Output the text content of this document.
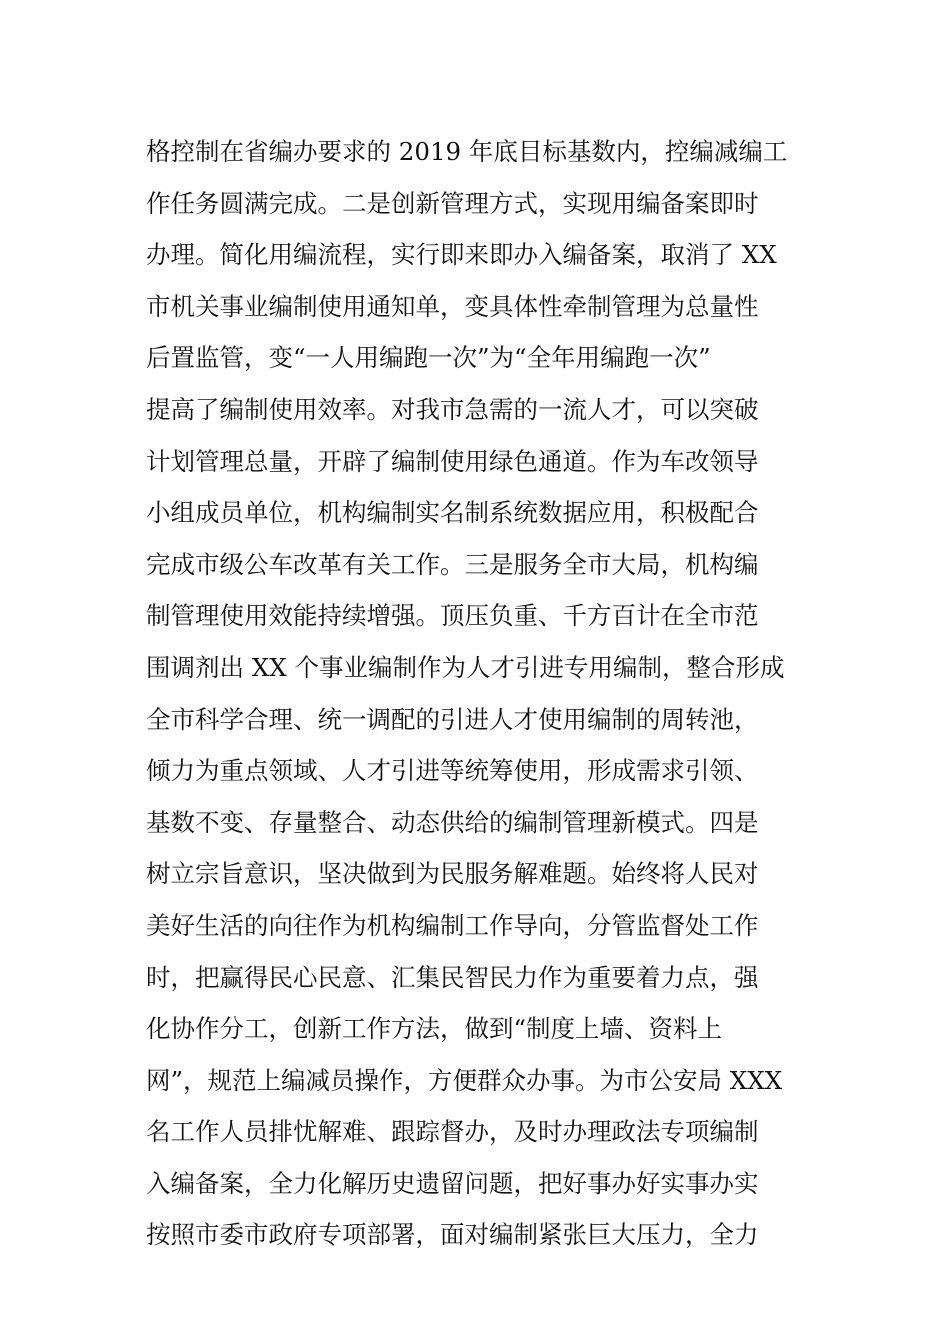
格控制在省编办要求的 2019 年底目标基数内，控编减编工
作任务圆满完成。二是创新管理方式，实现用编备案即时
办理。简化用编流程，实行即来即办入编备案，取消了 XX
市机关事业编制使用通知单，变具体性牵制管理为总量性
后置监管，变“一人用编跑一次”为“全年用编跑一次”
提高了编制使用效率。对我市急需的一流人才，可以突破
计划管理总量，开辟了编制使用绿色通道。作为车改领导
小组成员单位，机构编制实名制系统数据应用，积极配合
完成市级公车改革有关工作。三是服务全市大局，机构编
制管理使用效能持续增强。顶压负重、千方百计在全市范
围调剂出 XX 个事业编制作为人才引进专用编制，整合形成
全市科学合理、统一调配的引进人才使用编制的周转池，
倾力为重点领域、人才引进等统筹使用，形成需求引领、
基数不变、存量整合、动态供给的编制管理新模式。四是
树立宗旨意识，坚决做到为民服务解难题。始终将人民对
美好生活的向往作为机构编制工作导向，分管监督处工作
时，把赢得民心民意、汇集民智民力作为重要着力点，强
化协作分工，创新工作方法，做到“制度上墙、资料上
网”，规范上编减员操作，方便群众办事。为市公安局 XXX
名工作人员排忧解难、跟踪督办，及时办理政法专项编制
入编备案，全力化解历史遗留问题，把好事办好实事办实
按照市委市政府专项部署，面对编制紧张巨大压力，全力
